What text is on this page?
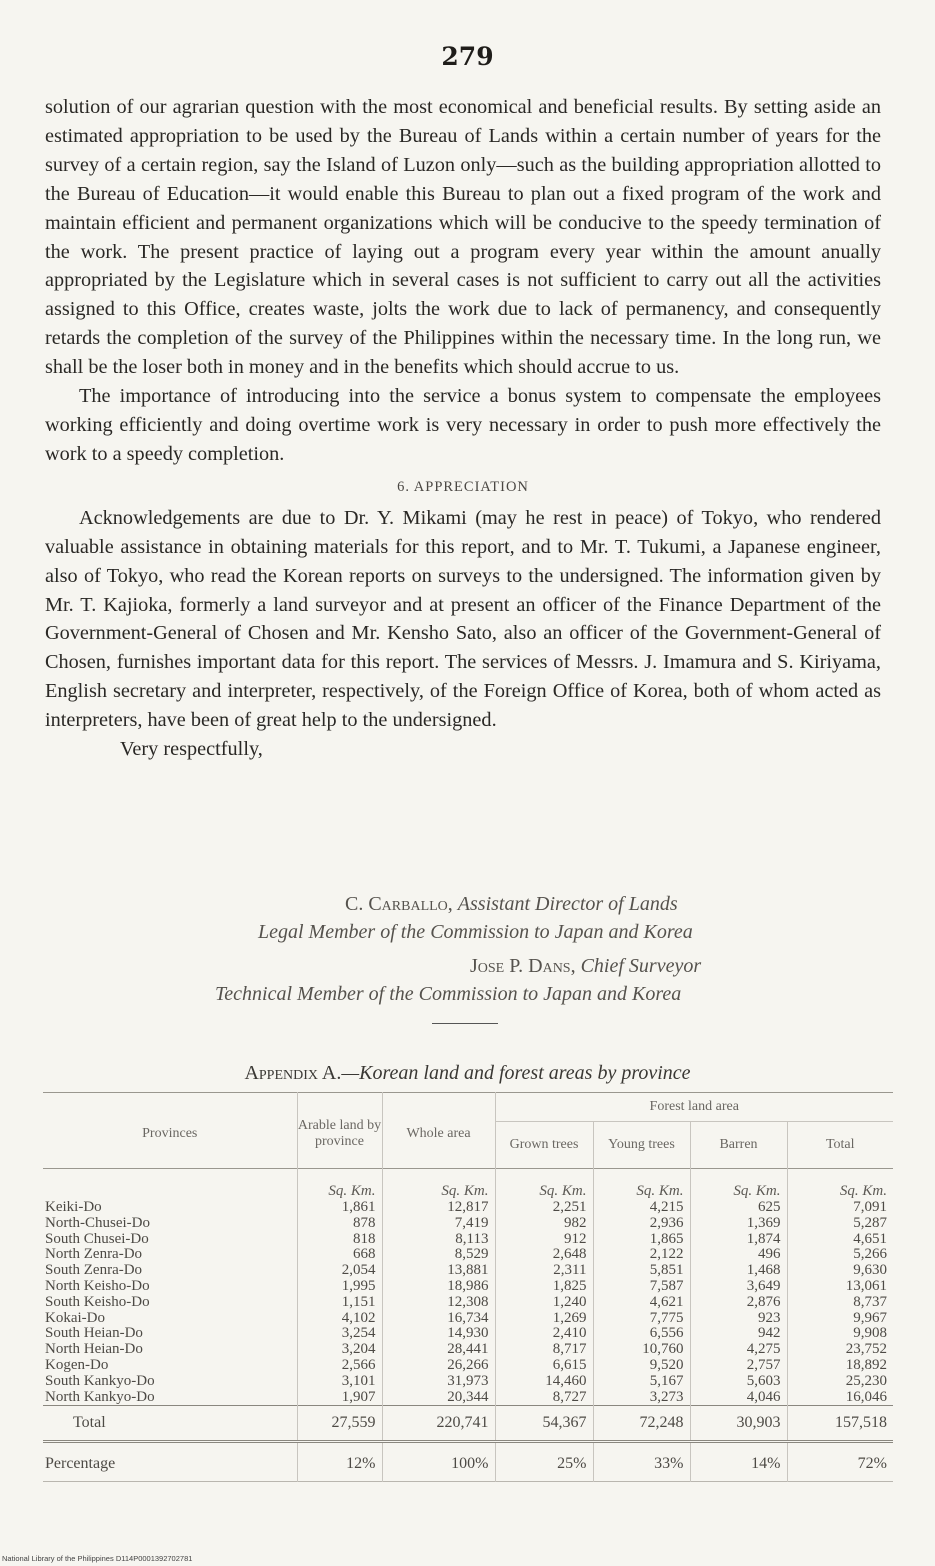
279

solution of our agrarian question with the most economical and beneficial results. By setting aside an estimated appropriation to be used by the Bureau of Lands within a certain number of years for the survey of a certain region, say the Island of Luzon only—such as the building appropriation allotted to the Bureau of Education—it would enable this Bureau to plan out a fixed program of the work and maintain efficient and permanent organizations which will be conducive to the speedy termination of the work. The present practice of laying out a program every year within the amount anually appropriated by the Legislature which in several cases is not sufficient to carry out all the activities assigned to this Office, creates waste, jolts the work due to lack of permanency, and consequently retards the completion of the survey of the Philippines within the necessary time. In the long run, we shall be the loser both in money and in the benefits which should accrue to us.

The importance of introducing into the service a bonus system to compensate the employees working efficiently and doing overtime work is very necessary in order to push more effectively the work to a speedy completion.

6. APPRECIATION

Acknowledgements are due to Dr. Y. Mikami (may he rest in peace) of Tokyo, who rendered valuable assistance in obtaining materials for this report, and to Mr. T. Tukumi, a Japanese engineer, also of Tokyo, who read the Korean reports on surveys to the undersigned. The information given by Mr. T. Kajioka, formerly a land surveyor and at present an officer of the Finance Department of the Government-General of Chosen and Mr. Kensho Sato, also an officer of the Government-General of Chosen, furnishes important data for this report. The services of Messrs. J. Imamura and S. Kiriyama, English secretary and interpreter, respectively, of the Foreign Office of Korea, both of whom acted as interpreters, have been of great help to the undersigned.

Very respectfully,

C. Carballo, Assistant Director of Lands
Legal Member of the Commission to Japan and Korea
Jose P. Dans, Chief Surveyor
Technical Member of the Commission to Japan and Korea
Appendix A.—Korean land and forest areas by province
Provinces	Arable land by province	Whole area	Forest land area			
			Grown trees	Young trees	Barren	Total
	Sq. Km.	Sq. Km.	Sq. Km.	Sq. Km.	Sq. Km.	Sq. Km.
Keiki-Do	1,861	12,817	2,251	4,215	625	7,091
North-Chusei-Do	878	7,419	982	2,936	1,369	5,287
South Chusei-Do	818	8,113	912	1,865	1,874	4,651
North Zenra-Do	668	8,529	2,648	2,122	496	5,266
South Zenra-Do	2,054	13,881	2,311	5,851	1,468	9,630
North Keisho-Do	1,995	18,986	1,825	7,587	3,649	13,061
South Keisho-Do	1,151	12,308	1,240	4,621	2,876	8,737
Kokai-Do	4,102	16,734	1,269	7,775	923	9,967
South Heian-Do	3,254	14,930	2,410	6,556	942	9,908
North Heian-Do	3,204	28,441	8,717	10,760	4,275	23,752
Kogen-Do	2,566	26,266	6,615	9,520	2,757	18,892
South Kankyo-Do	3,101	31,973	14,460	5,167	5,603	25,230
North Kankyo-Do	1,907	20,344	8,727	3,273	4,046	16,046
Total	27,559	220,741	54,367	72,248	30,903	157,518
Percentage	12%	100%	25%	33%	14%	72%
National Library of the Philippines D114P0001392702781
